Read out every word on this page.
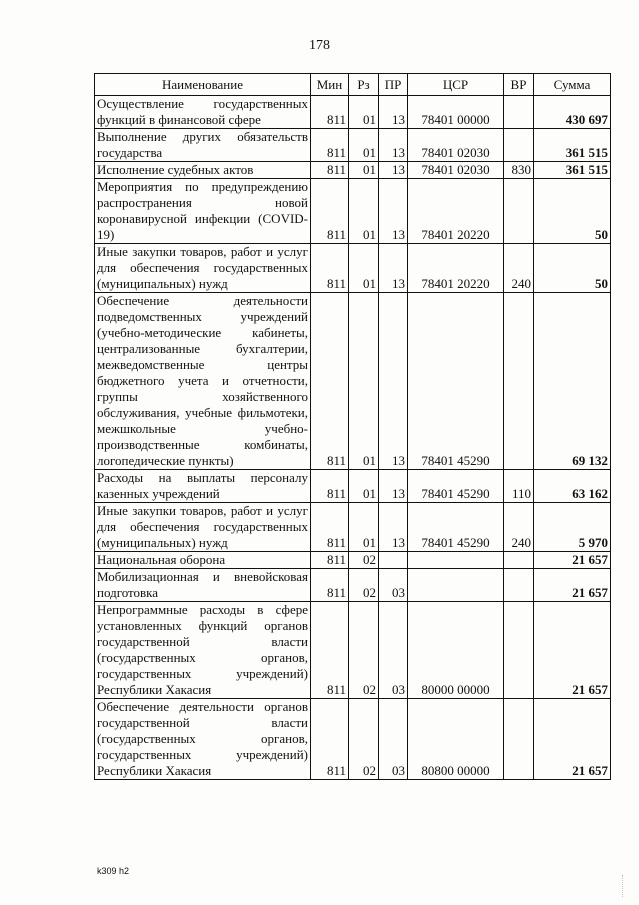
178
Наименование	Мин	Рз	ПР	ЦСР	ВР	Сумма
Осуществление государственных функций в финансовой сфере	811	01	13	78401 00000		430 697
Выполнение других обязательств государства	811	01	13	78401 02030		361 515
Исполнение судебных актов	811	01	13	78401 02030	830	361 515
Мероприятия по предупреждению распространения новой коронавирусной инфекции (COVID-19)	811	01	13	78401 20220		50
Иные закупки товаров, работ и услуг для обеспечения государственных (муниципальных) нужд	811	01	13	78401 20220	240	50
Обеспечение деятельности подведомственных учреждений (учебно-методические кабинеты, централизованные бухгалтерии, межведомственные центры бюджетного учета и отчетности, группы хозяйственного обслуживания, учебные фильмотеки, межшкольные учебно-производственные комбинаты, логопедические пункты)	811	01	13	78401 45290		69 132
Расходы на выплаты персоналу казенных учреждений	811	01	13	78401 45290	110	63 162
Иные закупки товаров, работ и услуг для обеспечения государственных (муниципальных) нужд	811	01	13	78401 45290	240	5 970
Национальная оборона	811	02				21 657
Мобилизационная и вневойсковая подготовка	811	02	03			21 657
Непрограммные расходы в сфере установленных функций органов государственной власти (государственных органов, государственных учреждений) Республики Хакасия	811	02	03	80000 00000		21 657
Обеспечение деятельности органов государственной власти (государственных органов, государственных учреждений) Республики Хакасия	811	02	03	80800 00000		21 657
k309 h2
